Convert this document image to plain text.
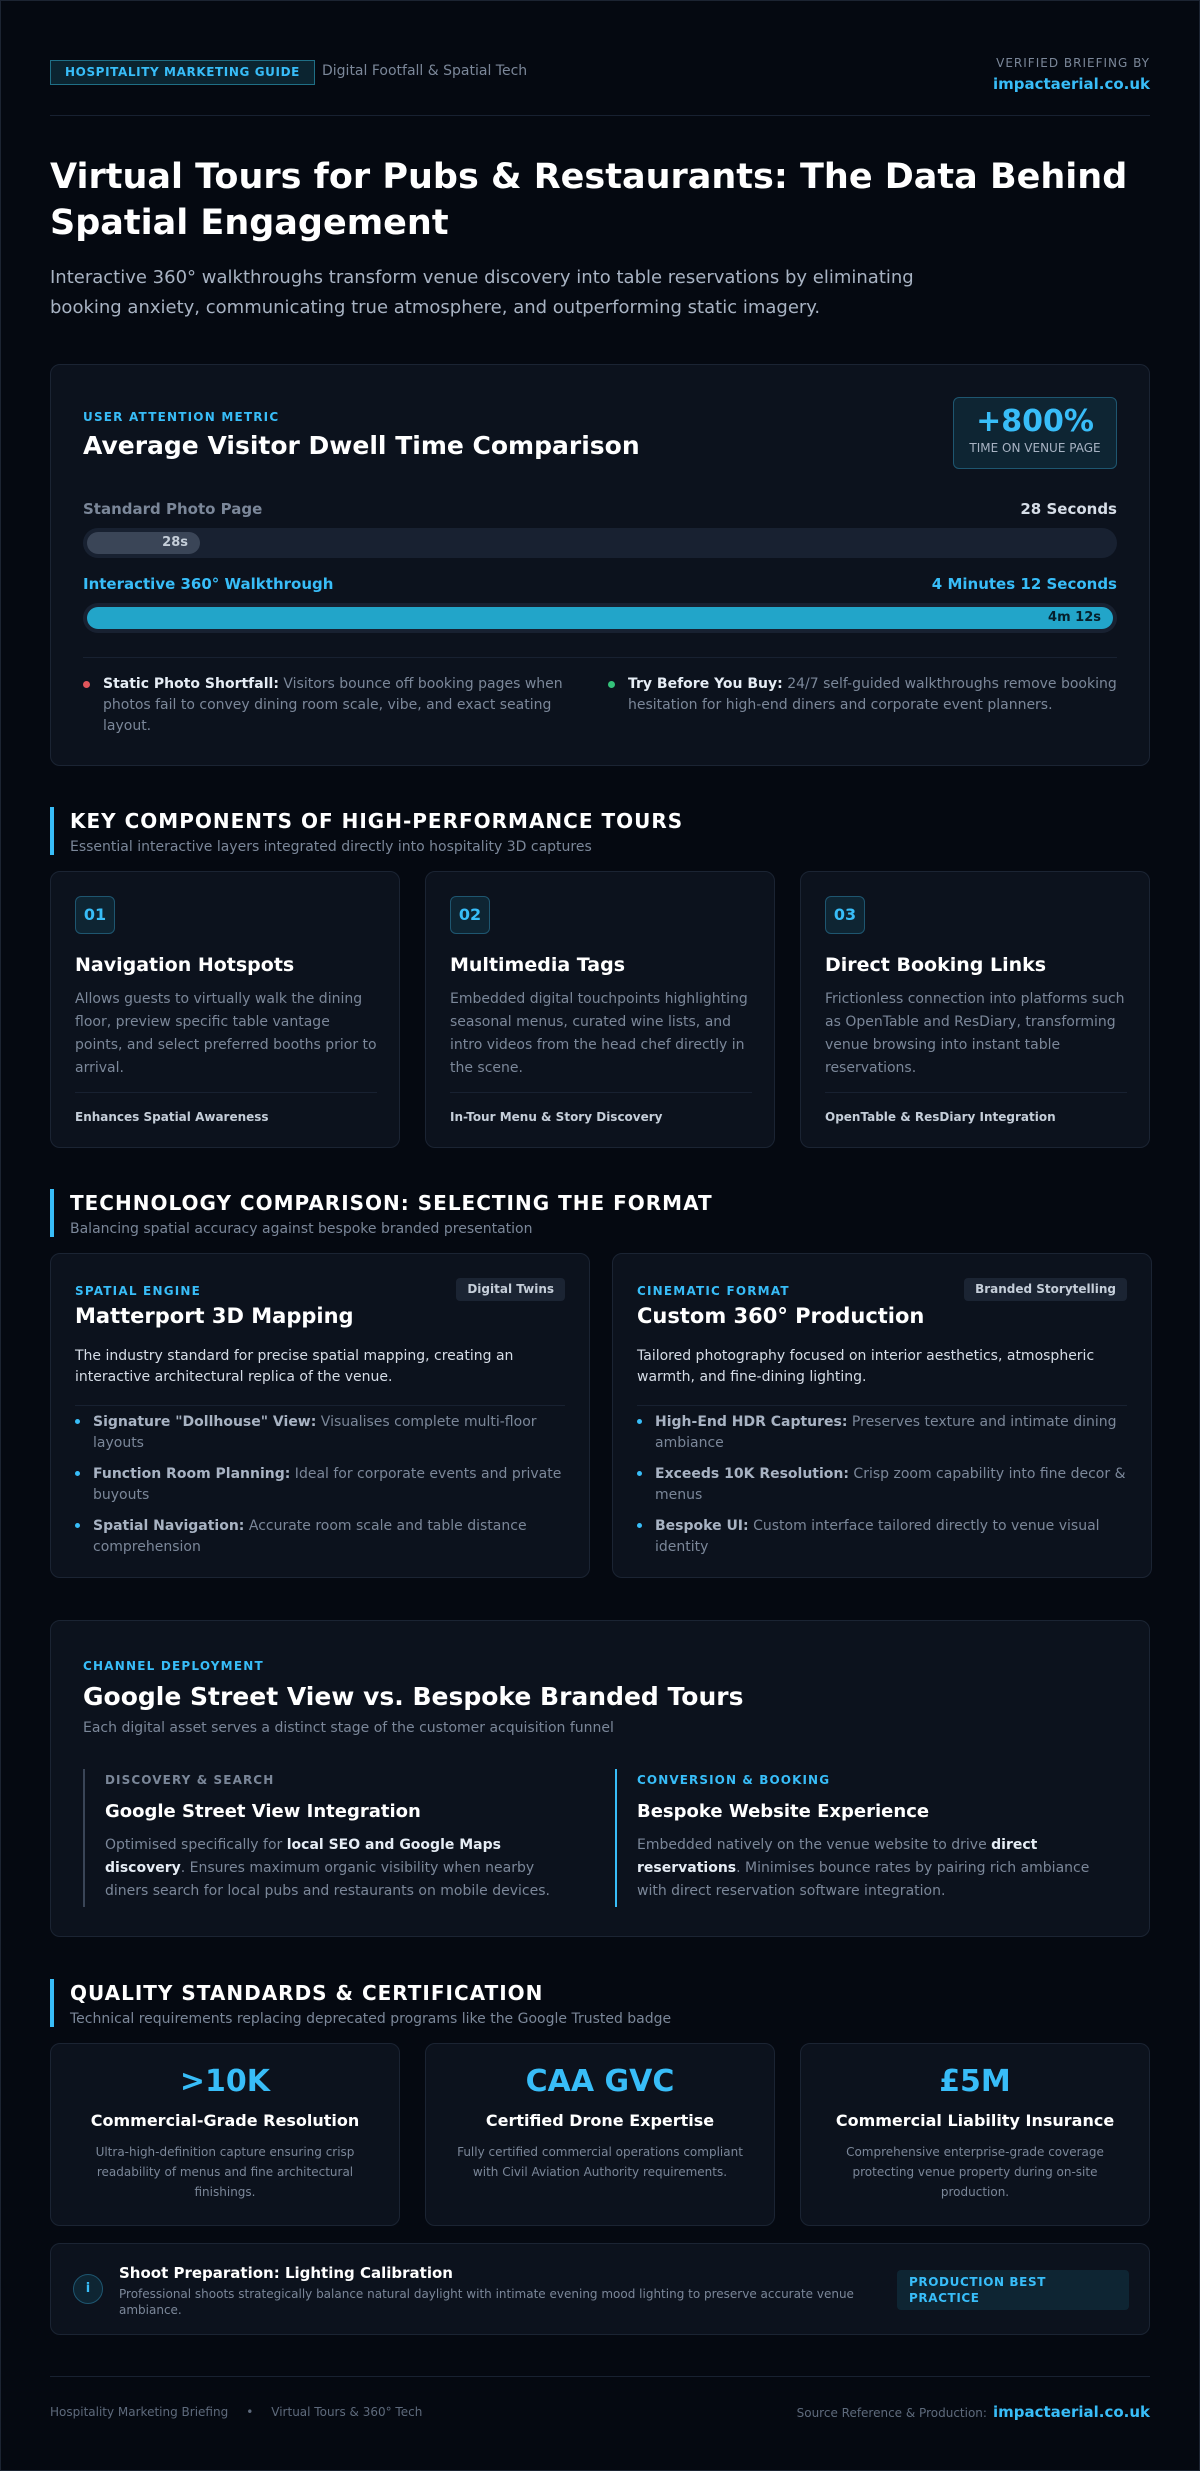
HOSPITALITY MARKETING GUIDE	Digital Footfall & Spatial Tech	VERIFIED BRIEFING BY
impactaerial.co.uk
Virtual Tours for Pubs & Restaurants: The Data Behind Spatial Engagement

Interactive 360° walkthroughs transform venue discovery into table reservations by eliminating booking anxiety, communicating true atmosphere, and outperforming static imagery.

USER ATTENTION METRIC
Average Visitor Dwell Time Comparison
+800%
TIME ON VENUE PAGE
Standard Photo Page	28 Seconds
28s
Interactive 360° Walkthrough	4 Minutes 12 Seconds
4m 12s
Static Photo Shortfall: Visitors bounce off booking pages when photos fail to convey dining room scale, vibe, and exact seating layout.
Try Before You Buy: 24/7 self-guided walkthroughs remove booking hesitation for high-end diners and corporate event planners.
KEY COMPONENTS OF HIGH-PERFORMANCE TOURS

Essential interactive layers integrated directly into hospitality 3D captures

01
Navigation Hotspots
Allows guests to virtually walk the dining floor, preview specific table vantage points, and select preferred booths prior to arrival.
Enhances Spatial Awareness
02
Multimedia Tags
Embedded digital touchpoints highlighting seasonal menus, curated wine lists, and intro videos from the head chef directly in the scene.
In-Tour Menu & Story Discovery
03
Direct Booking Links
Frictionless connection into platforms such as OpenTable and ResDiary, transforming venue browsing into instant table reservations.
OpenTable & ResDiary Integration
TECHNOLOGY COMPARISON: SELECTING THE FORMAT

Balancing spatial accuracy against bespoke branded presentation

SPATIAL ENGINE
Matterport 3D Mapping
Digital Twins
The industry standard for precise spatial mapping, creating an interactive architectural replica of the venue.
Signature "Dollhouse" View: Visualises complete multi-floor layouts
Function Room Planning: Ideal for corporate events and private buyouts
Spatial Navigation: Accurate room scale and table distance comprehension
CINEMATIC FORMAT
Custom 360° Production
Branded Storytelling
Tailored photography focused on interior aesthetics, atmospheric warmth, and fine-dining lighting.
High-End HDR Captures: Preserves texture and intimate dining ambiance
Exceeds 10K Resolution: Crisp zoom capability into fine decor & menus
Bespoke UI: Custom interface tailored directly to venue visual identity
CHANNEL DEPLOYMENT
Google Street View vs. Bespoke Branded Tours
Each digital asset serves a distinct stage of the customer acquisition funnel
DISCOVERY & SEARCH
Google Street View Integration

Optimised specifically for local SEO and Google Maps discovery. Ensures maximum organic visibility when nearby diners search for local pubs and restaurants on mobile devices.

CONVERSION & BOOKING
Bespoke Website Experience

Embedded natively on the venue website to drive direct reservations. Minimises bounce rates by pairing rich ambiance with direct reservation software integration.

QUALITY STANDARDS & CERTIFICATION

Technical requirements replacing deprecated programs like the Google Trusted badge

>10K
Commercial-Grade Resolution

Ultra-high-definition capture ensuring crisp readability of menus and fine architectural finishings.

CAA GVC
Certified Drone Expertise

Fully certified commercial operations compliant with Civil Aviation Authority requirements.

£5M
Commercial Liability Insurance

Comprehensive enterprise-grade coverage protecting venue property during on-site production.

i
Shoot Preparation: Lighting Calibration
Professional shoots strategically balance natural daylight with intimate evening mood lighting to preserve accurate venue ambiance.
PRODUCTION BEST PRACTICE
Hospitality Marketing Briefing • Virtual Tours & 360° Tech	Source Reference & Production: impactaerial.co.uk
